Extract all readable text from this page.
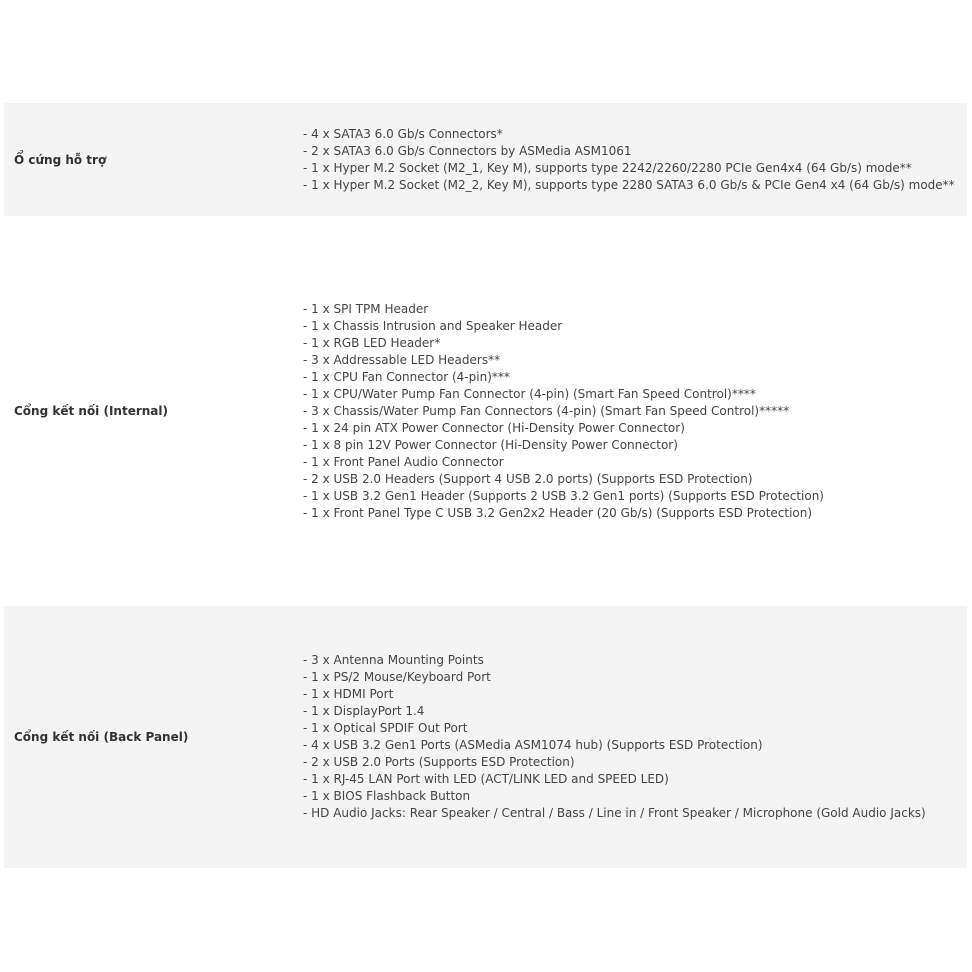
Ổ cứng hỗ trợ
- 4 x SATA3 6.0 Gb/s Connectors*
- 2 x SATA3 6.0 Gb/s Connectors by ASMedia ASM1061
- 1 x Hyper M.2 Socket (M2_1, Key M), supports type 2242/2260/2280 PCIe Gen4x4 (64 Gb/s) mode**
- 1 x Hyper M.2 Socket (M2_2, Key M), supports type 2280 SATA3 6.0 Gb/s & PCIe Gen4 x4 (64 Gb/s) mode**
Cổng kết nối (Internal)
- 1 x SPI TPM Header
- 1 x Chassis Intrusion and Speaker Header
- 1 x RGB LED Header*
- 3 x Addressable LED Headers**
- 1 x CPU Fan Connector (4-pin)***
- 1 x CPU/Water Pump Fan Connector (4-pin) (Smart Fan Speed Control)****
- 3 x Chassis/Water Pump Fan Connectors (4-pin) (Smart Fan Speed Control)*****
- 1 x 24 pin ATX Power Connector (Hi-Density Power Connector)
- 1 x 8 pin 12V Power Connector (Hi-Density Power Connector)
- 1 x Front Panel Audio Connector
- 2 x USB 2.0 Headers (Support 4 USB 2.0 ports) (Supports ESD Protection)
- 1 x USB 3.2 Gen1 Header (Supports 2 USB 3.2 Gen1 ports) (Supports ESD Protection)
- 1 x Front Panel Type C USB 3.2 Gen2x2 Header (20 Gb/s) (Supports ESD Protection)
Cổng kết nối (Back Panel)
- 3 x Antenna Mounting Points
- 1 x PS/2 Mouse/Keyboard Port
- 1 x HDMI Port
- 1 x DisplayPort 1.4
- 1 x Optical SPDIF Out Port
- 4 x USB 3.2 Gen1 Ports (ASMedia ASM1074 hub) (Supports ESD Protection)
- 2 x USB 2.0 Ports (Supports ESD Protection)
- 1 x RJ-45 LAN Port with LED (ACT/LINK LED and SPEED LED)
- 1 x BIOS Flashback Button
- HD Audio Jacks: Rear Speaker / Central / Bass / Line in / Front Speaker / Microphone (Gold Audio Jacks)
